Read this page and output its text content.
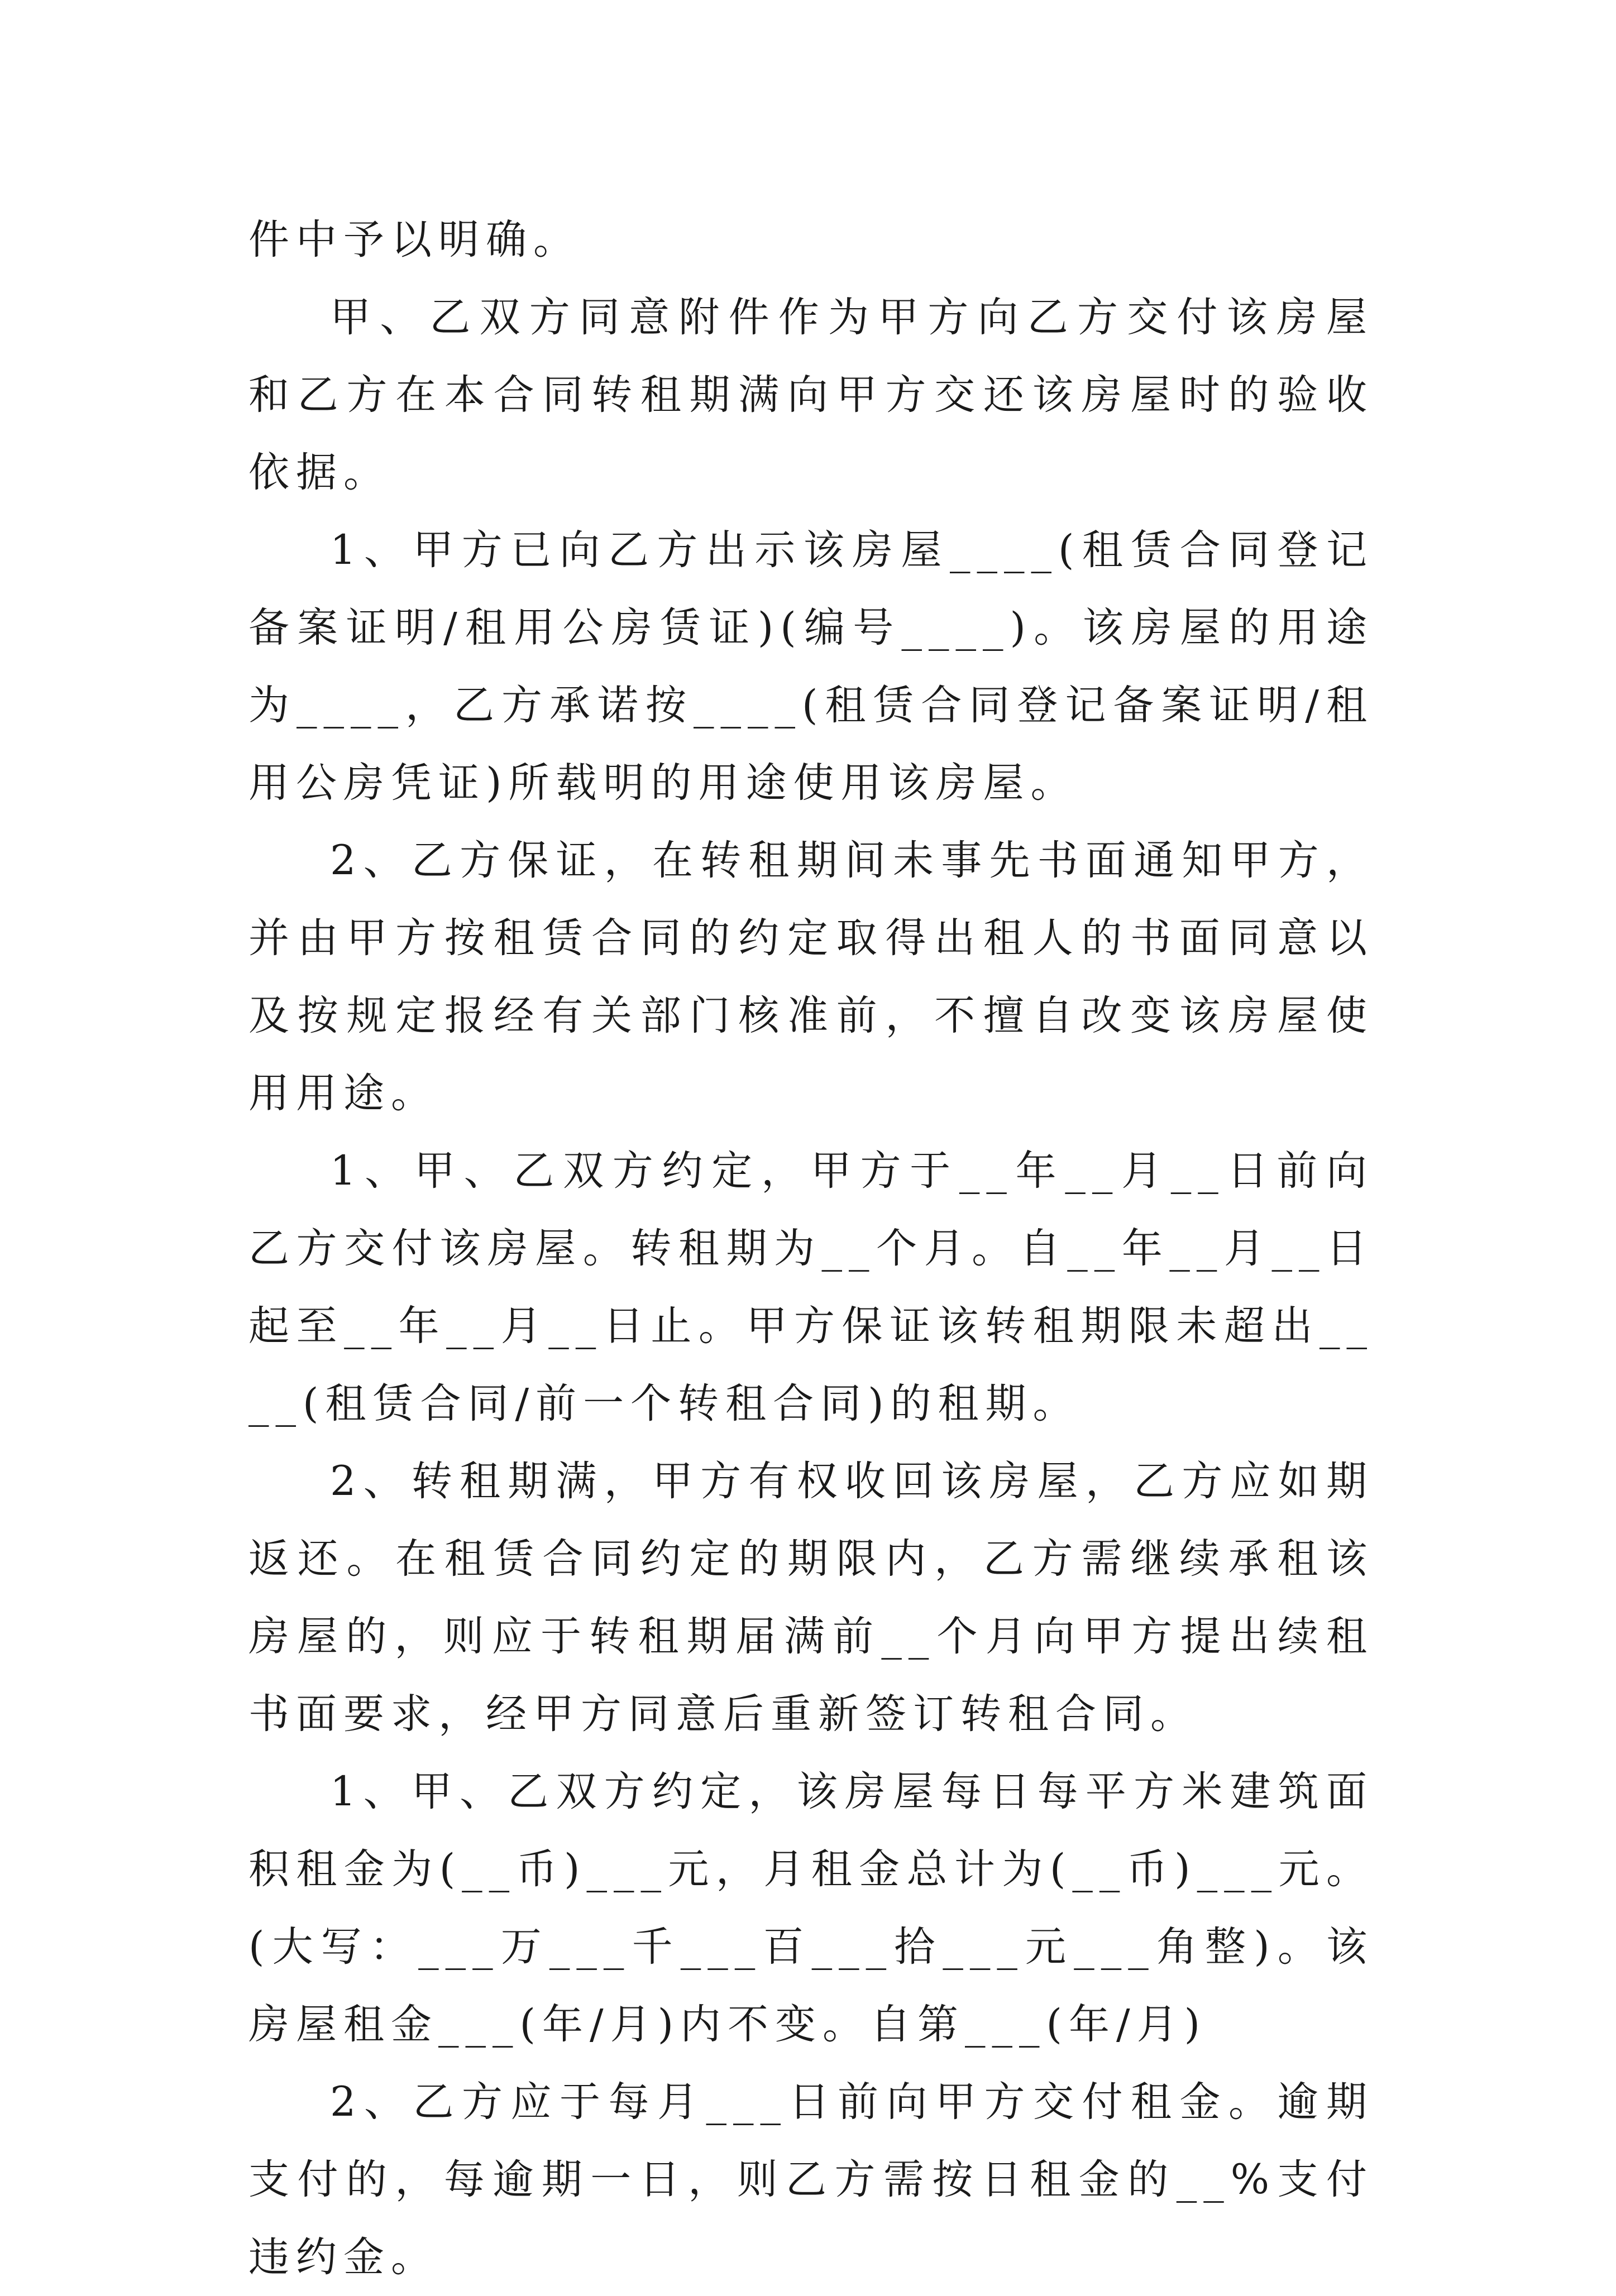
件中予以明确。

甲、乙双方同意附件作为甲方向乙方交付该房屋和乙方在本合同转租期满向甲方交还该房屋时的验收依据。

1、甲方已向乙方出示该房屋____(租赁合同登记备案证明/租用公房赁证)(编号____)。该房屋的用途为____，乙方承诺按____(租赁合同登记备案证明/租用公房凭证)所载明的用途使用该房屋。

2、乙方保证，在转租期间未事先书面通知甲方，并由甲方按租赁合同的约定取得出租人的书面同意以及按规定报经有关部门核准前，不擅自改变该房屋使用用途。

1、甲、乙双方约定，甲方于__年__月__日前向乙方交付该房屋。转租期为__个月。自__年__月__日起至__年__月__日止。甲方保证该转租期限未超出____(租赁合同/前一个转租合同)的租期。

2、转租期满，甲方有权收回该房屋，乙方应如期返还。在租赁合同约定的期限内，乙方需继续承租该房屋的，则应于转租期届满前__个月向甲方提出续租书面要求，经甲方同意后重新签订转租合同。

1、甲、乙双方约定，该房屋每日每平方米建筑面积租金为(__币)___元，月租金总计为(__币)___元。(大写：___万___千___百___拾___元___角整)。该房屋租金___(年/月)内不变。自第___(年/月)

2、乙方应于每月___日前向甲方交付租金。逾期支付的，每逾期一日，则乙方需按日租金的__%支付违约金。
